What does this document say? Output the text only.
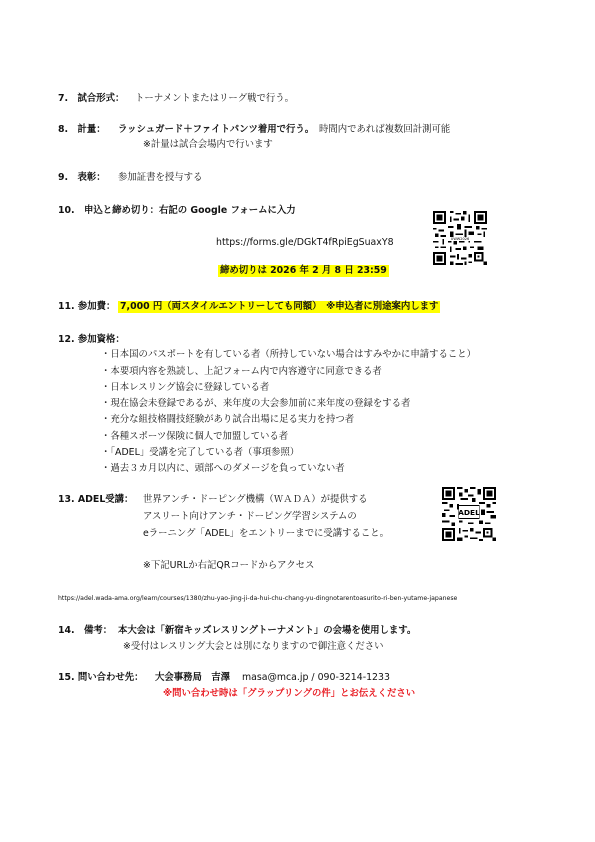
7.　試合形式： トーナメントまたはリーグ戦で行う。
8.　計量： ラッシュガード＋ファイトパンツ着用で行う。 時間内であれば複数回計測可能
※計量は試合会場内で行います
9.　表彰： 参加証書を授与する
10.　申込と締め切り：右記の Google フォームに入力
https://forms.gle/DGkT4fRpiEgSuaxY8
締め切りは 2026 年 2 月 8 日 23:59
UWW2026
11. 参加費： 7,000 円（両スタイルエントリーしても同額）　※申込者に別途案内します
12. 参加資格：
・日本国のパスポートを有している者（所持していない場合はすみやかに申請すること）
・本要項内容を熟読し、上記フォーム内で内容遵守に同意できる者
・日本レスリング協会に登録している者
・現在協会未登録であるが、来年度の大会参加前に来年度の登録をする者
・充分な組技格闘技経験があり試合出場に足る実力を持つ者
・各種スポーツ保険に個人で加盟している者
・「ADEL」受講を完了している者（事項参照）
・過去３カ月以内に、頭部へのダメージを負っていない者
13. ADEL受講： 世界アンチ・ドーピング機構（ＷＡＤＡ）が提供する
アスリート向けアンチ・ドーピング学習システムの
eラーニング「ADEL」をエントリーまでに受講すること。
※下記URLか右記QRコードからアクセス
https://adel.wada-ama.org/learn/courses/1380/zhu-yao-jing-ji-da-hui-chu-chang-yu-dingnotarentoasurito-ri-ben-yutame-japanese
ADEL
14.　備考： 本大会は「新宿キッズレスリングトーナメント」の会場を使用します。
※受付はレスリング大会とは別になりますので御注意ください
15. 問い合わせ先： 大会事務局　吉澤 masa@mca.jp / 090-3214-1233
※問い合わせ時は「グラップリングの件」とお伝えください
